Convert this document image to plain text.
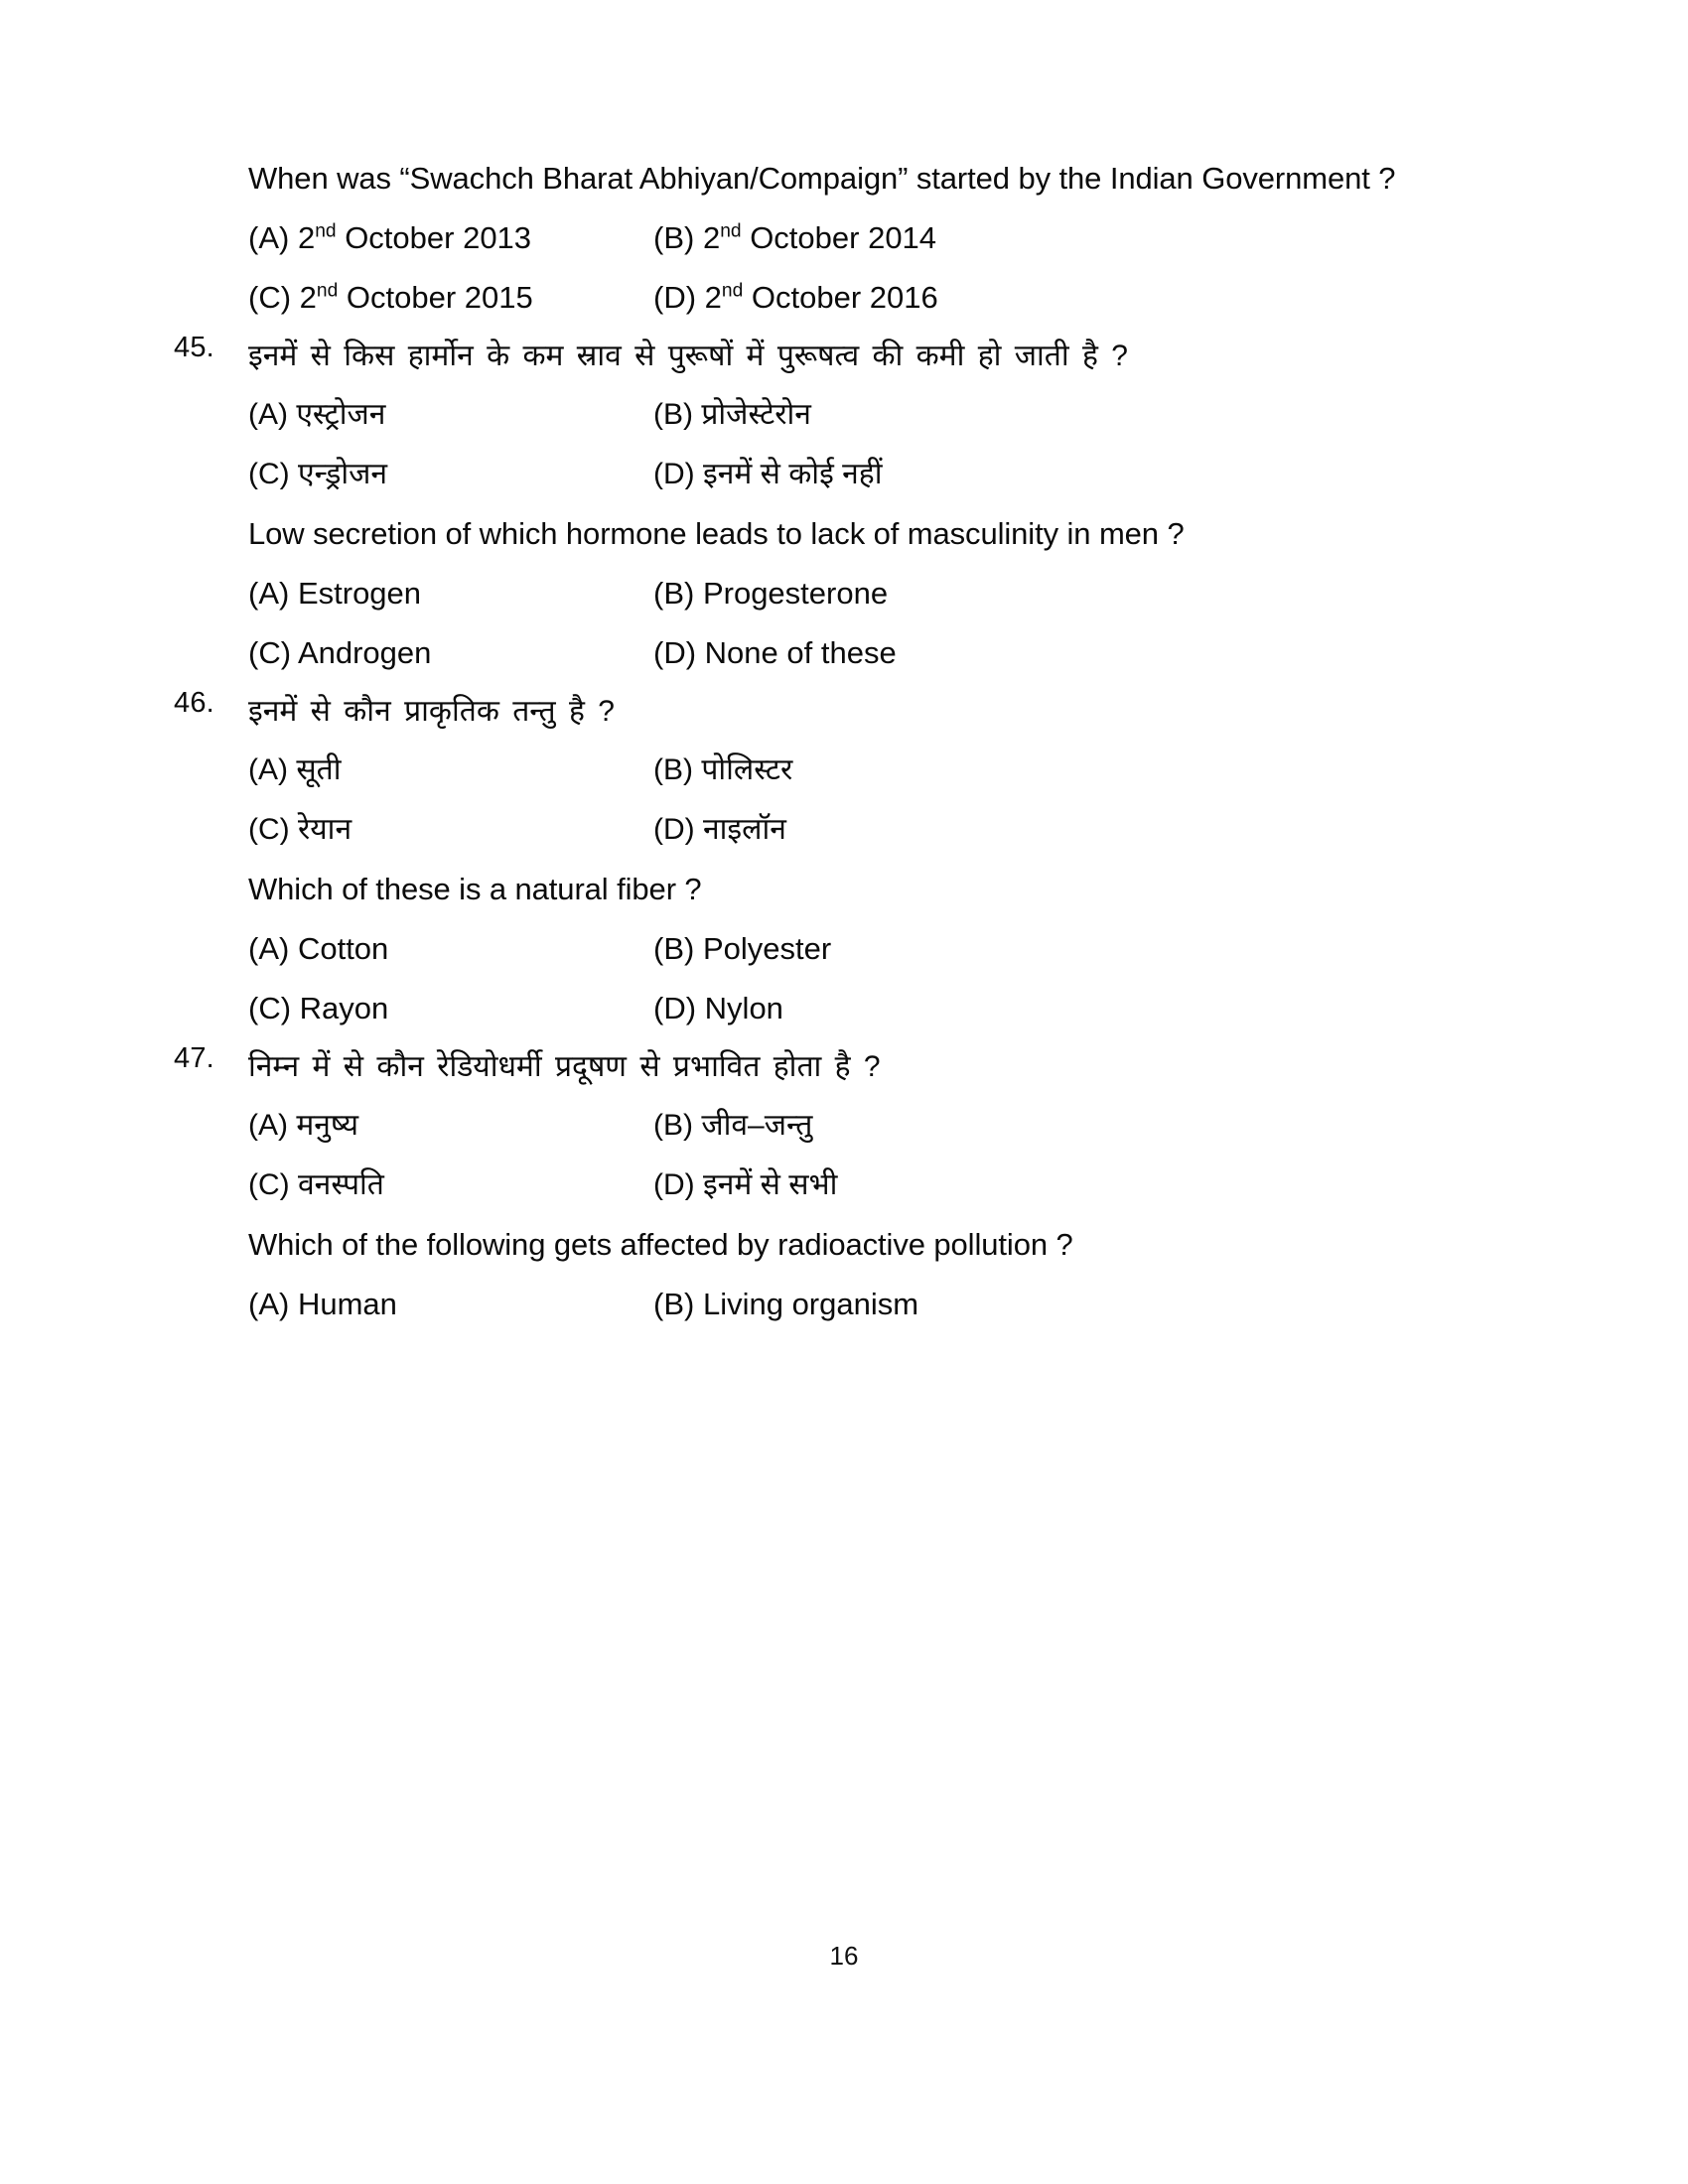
When was “Swachch Bharat Abhiyan/Compaign” started by the Indian Government ?
(A) 2nd October 2013	(B) 2nd October 2014
(C) 2nd October 2015	(D) 2nd October 2016
45.	इनमें से किस हार्मोन के कम स्राव से पुरूषों में पुरूषत्व की कमी हो जाती है ?
(A) एस्ट्रोजन	(B) प्रोजेस्टेरोन
(C) एन्ड्रोजन	(D) इनमें से कोई नहीं
Low secretion of which hormone leads to lack of masculinity in men ?
(A) Estrogen	(B) Progesterone
(C) Androgen	(D) None of these
46.	इनमें से कौन प्राकृतिक तन्तु है ?
(A) सूती	(B) पोलिस्टर
(C) रेयान	(D) नाइलॉन
Which of these is a natural fiber ?
(A) Cotton	(B) Polyester
(C) Rayon	(D) Nylon
47.	निम्न में से कौन रेडियोधर्मी प्रदूषण से प्रभावित होता है ?
(A) मनुष्य	(B) जीव–जन्तु
(C) वनस्पति	(D) इनमें से सभी
Which of the following gets affected by radioactive pollution ?
(A) Human	(B) Living organism
16
